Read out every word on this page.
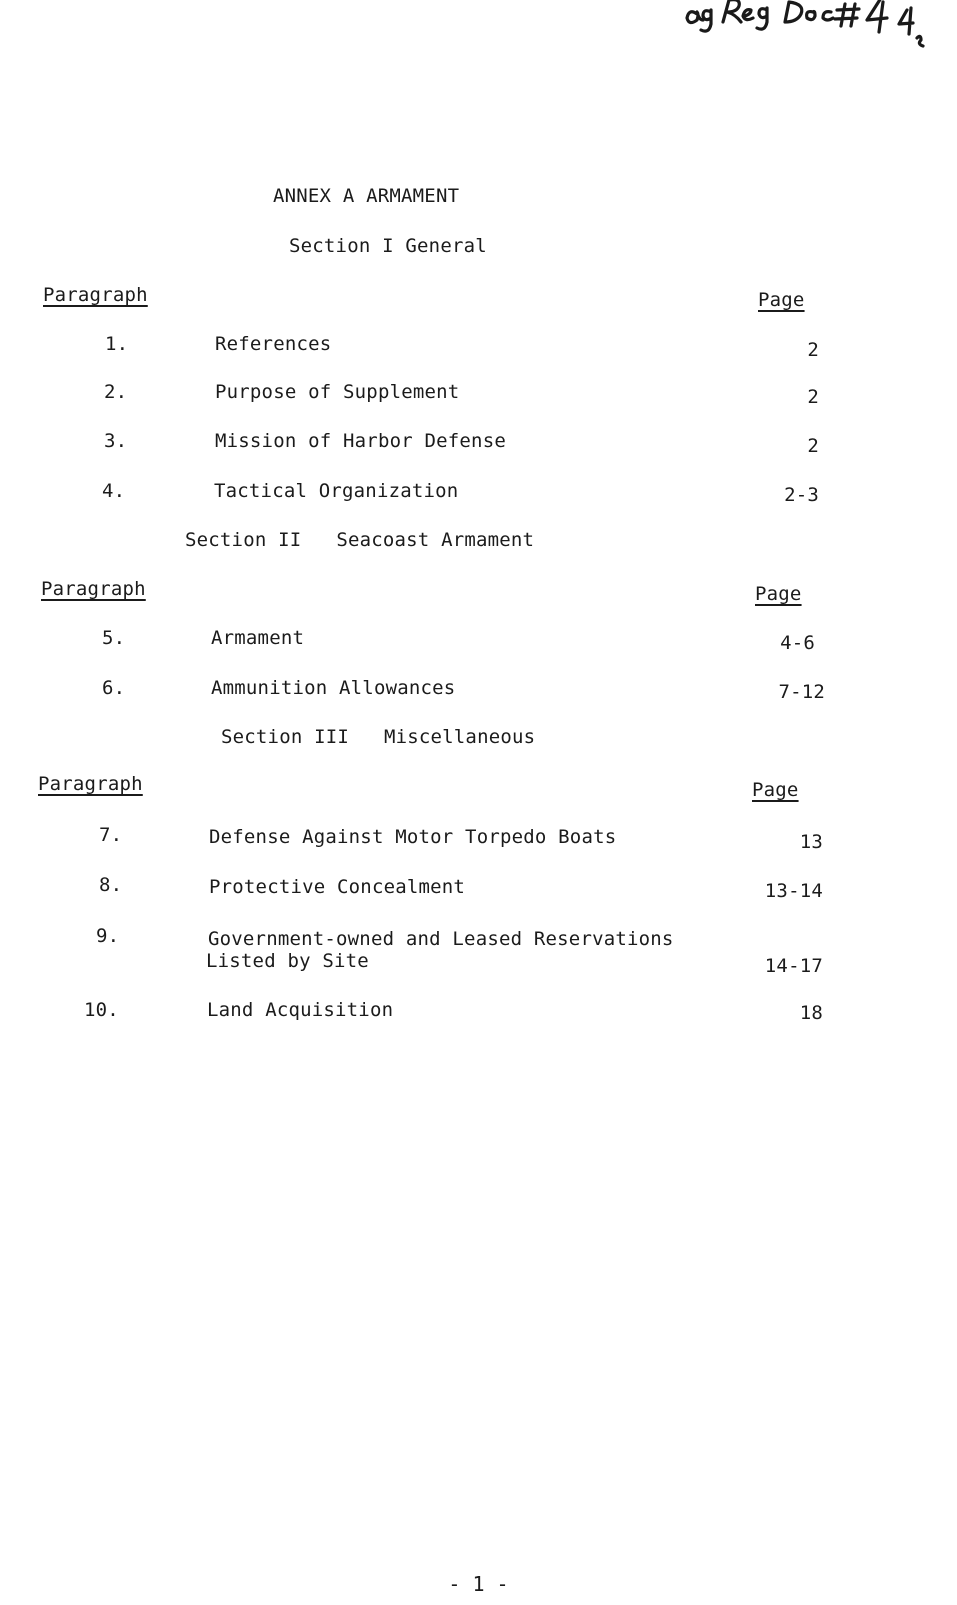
ANNEX A ARMAMENT
Section I General
Paragraph	Page
1.	References	2
2.	Purpose of Supplement	2
3.	Mission of Harbor Defense	2
4.	Tactical Organization	2-3
Section II Seacoast Armament
Paragraph	Page
5.	Armament	4-6
6.	Ammunition Allowances	7-12
Section III Miscellaneous
Paragraph	Page
7.	Defense Against Motor Torpedo Boats	13
8.	Protective Concealment	13-14
9.	Government-owned and Leased Reservations
Listed by Site	14-17
10.	Land Acquisition	18
- 1 -
